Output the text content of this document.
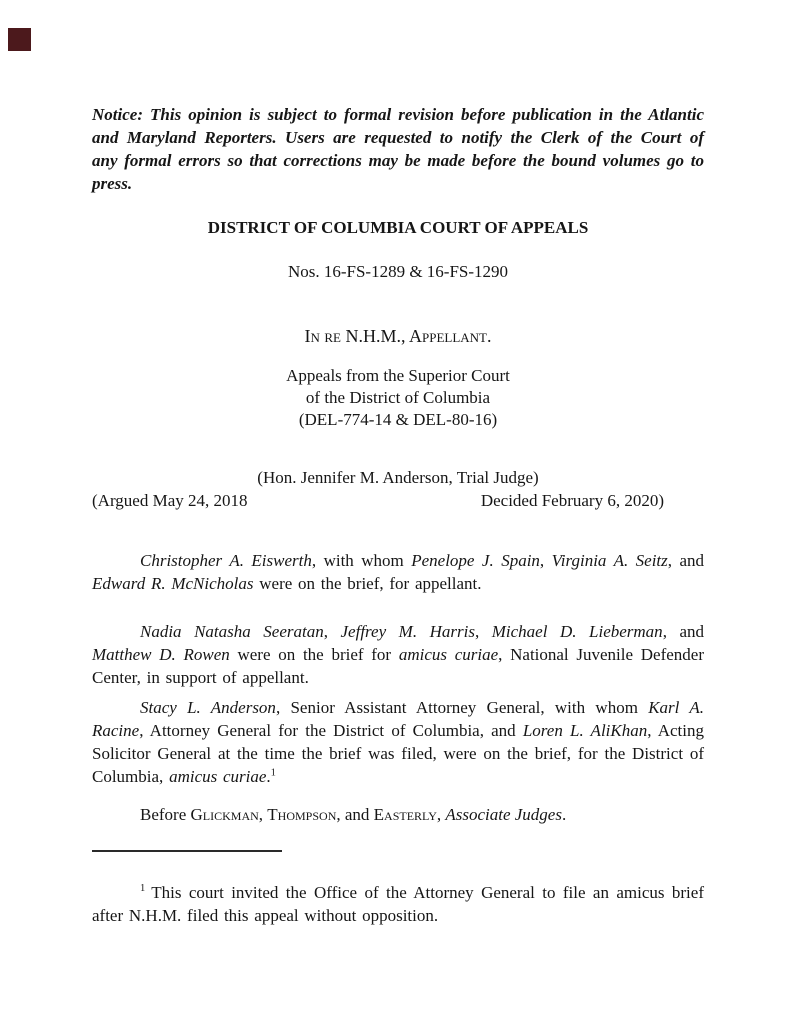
Notice: This opinion is subject to formal revision before publication in the Atlantic and Maryland Reporters. Users are requested to notify the Clerk of the Court of any formal errors so that corrections may be made before the bound volumes go to press.

DISTRICT OF COLUMBIA COURT OF APPEALS

Nos. 16-FS-1289 & 16-FS-1290

In re N.H.M., Appellant.

Appeals from the Superior Court
of the District of Columbia
(DEL-774-14 & DEL-80-16)

(Hon. Jennifer M. Anderson, Trial Judge)

(Argued May 24, 2018	Decided February 6, 2020)

Christopher A. Eiswerth, with whom Penelope J. Spain, Virginia A. Seitz, and Edward R. McNicholas were on the brief, for appellant.

Nadia Natasha Seeratan, Jeffrey M. Harris, Michael D. Lieberman, and Matthew D. Rowen were on the brief for amicus curiae, National Juvenile Defender Center, in support of appellant.

Stacy L. Anderson, Senior Assistant Attorney General, with whom Karl A. Racine, Attorney General for the District of Columbia, and Loren L. AliKhan, Acting Solicitor General at the time the brief was filed, were on the brief, for the District of Columbia, amicus curiae.$^1$

Before Glickman, Thompson, and Easterly, Associate Judges.

$^1$ This court invited the Office of the Attorney General to file an amicus brief after N.H.M. filed this appeal without opposition.
